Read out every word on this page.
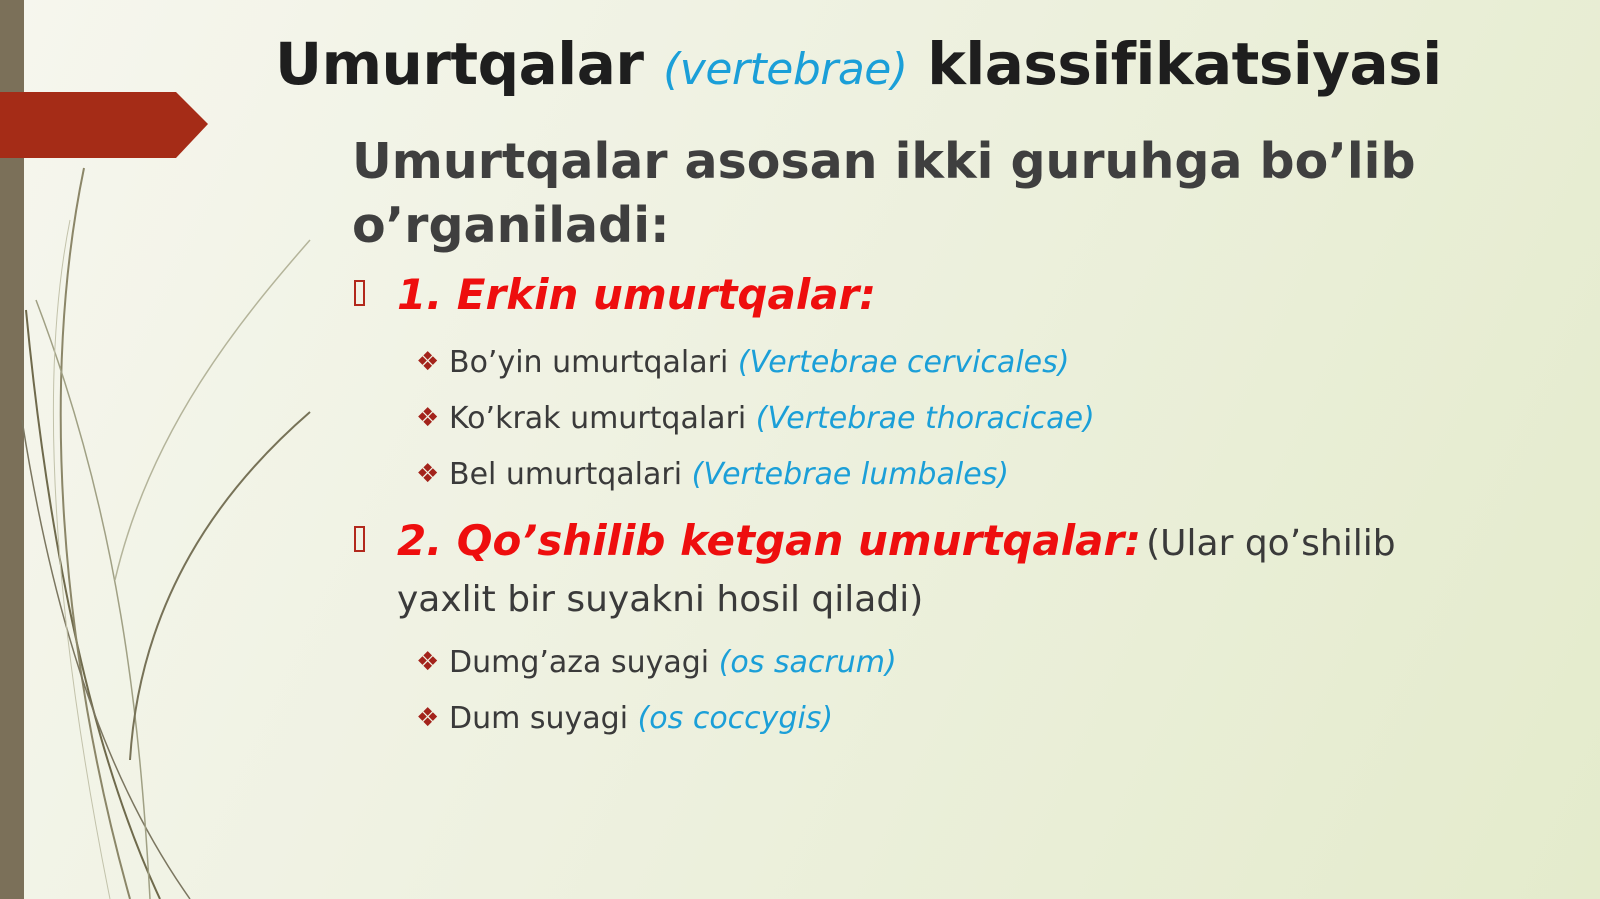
Umurtqalar (vertebrae) klassifikatsiyasi

Umurtqalar asosan ikki guruhga bo’lib o’rganiladi:

1. Erkin umurtqalar:
❖ Bo’yin umurtqalari (Vertebrae cervicales)
❖ Ko’krak umurtqalari (Vertebrae thoracicae)
❖ Bel umurtqalari (Vertebrae lumbales)
2. Qo’shilib ketgan umurtqalar: (Ular qo’shilib yaxlit bir suyakni hosil qiladi)
❖ Dumg’aza suyagi (os sacrum)
❖ Dum suyagi (os coccygis)
